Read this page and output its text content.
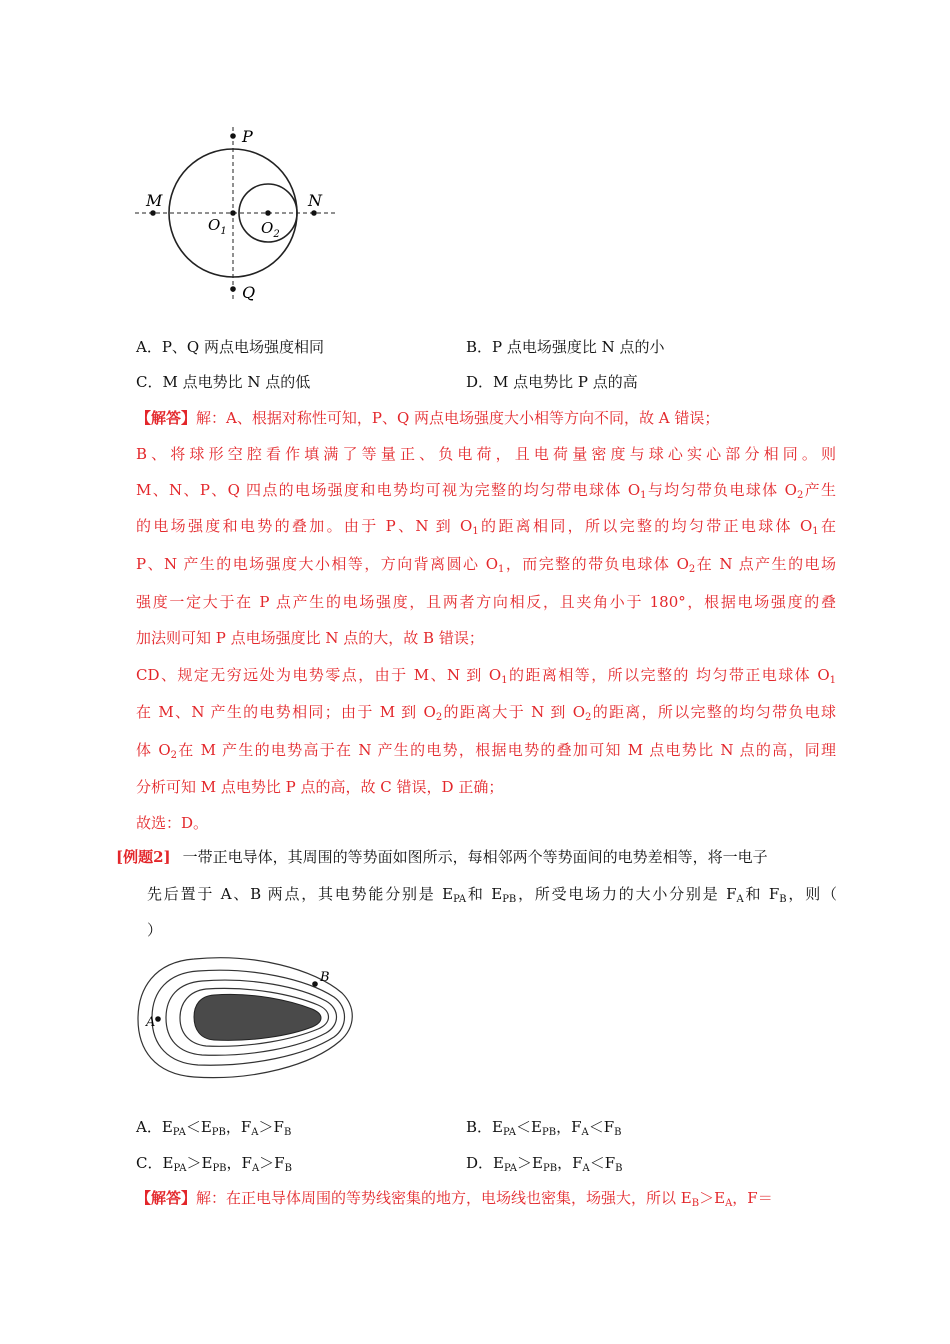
P
Q
M	N
$O_1$ $O_2$
A．P、Q 两点电场强度相同	B．P 点电场强度比 N 点的小
C．M 点电势比 N 点的低	D．M 点电势比 P 点的高
【解答】解：A、根据对称性可知，P、Q 两点电场强度大小相等方向不同，故 A 错误；
B、将球形空腔看作填满了等量正、负电荷，且电荷量密度与球心实心部分相同。则
M、N、P、Q 四点的电场强度和电势均可视为完整的均匀带电球体 $O_1$与均匀带负电球体 $O_2$产生
的电场强度和电势的叠加。由于 P、N 到 $O_1$的距离相同，所以完整的均匀带正电球体 $O_1$在
P、N 产生的电场强度大小相等，方向背离圆心 $O_1$，而完整的带负电球体 $O_2$在 N 点产生的电场
强度一定大于在 P 点产生的电场强度，且两者方向相反，且夹角小于 180°，根据电场强度的叠
加法则可知 P 点电场强度比 N 点的大，故 B 错误；
CD、规定无穷远处为电势零点，由于 M、N 到 $O_1$的距离相等，所以完整的 均匀带正电球体 $O_1$
在 M、N 产生的电势相同；由于 M 到 $O_2$的距离大于 N 到 $O_2$的距离，所以完整的均匀带负电球
体 $O_2$在 M 产生的电势高于在 N 产生的电势，根据电势的叠加可知 M 点电势比 N 点的高，同理
分析可知 M 点电势比 P 点的高，故 C 错误，D 正确；
故选：D。
[例题2] 一带正电导体，其周围的等势面如图所示，每相邻两个等势面间的电势差相等，将一电子
先后置于 A、B 两点，其电势能分别是 $E_{PA}$和 $E_{PB}$，所受电场力的大小分别是 $F_A$和 $F_B$，则（
）
A
B
A．$E_{PA}<E_{PB}$，$F_A>F_B$	B．$E_{PA}<E_{PB}$，$F_A<F_B$
C．$E_{PA}>E_{PB}$，$F_A>F_B$	D．$E_{PA}>E_{PB}$，$F_A<F_B$
【解答】解：在正电导体周围的等势线密集的地方，电场线也密集，场强大，所以 $E_B>E_A$，F＝
